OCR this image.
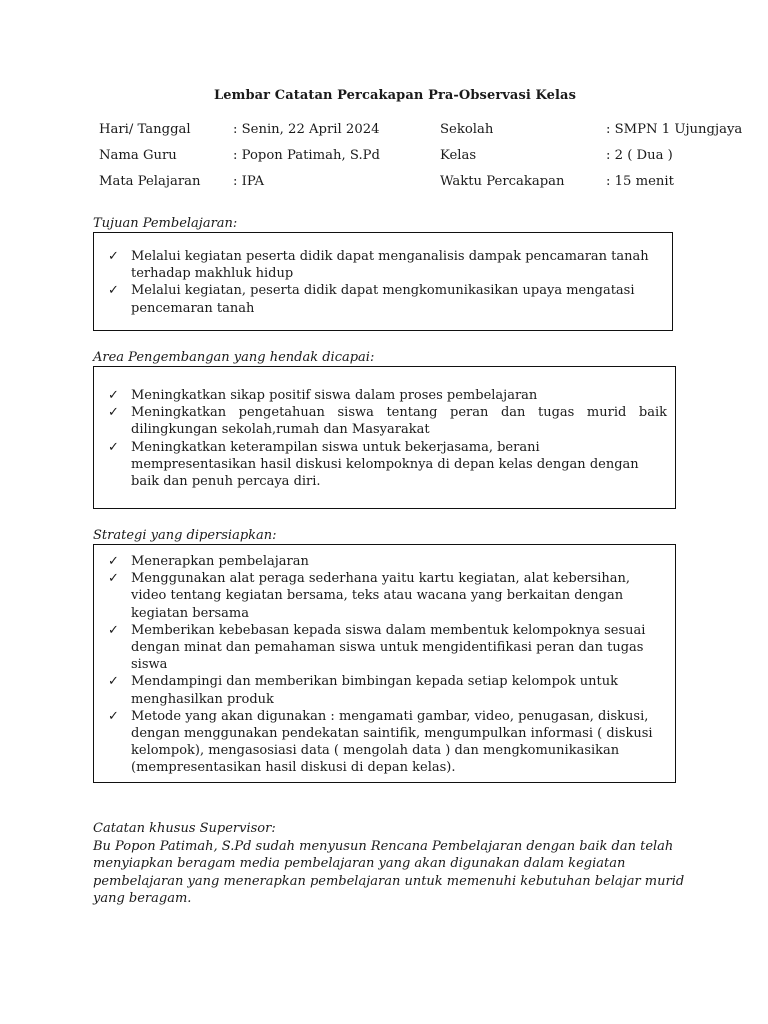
Lembar Catatan Percakapan Pra-Observasi Kelas
Hari/ Tanggal	: Senin, 22 April 2024	Sekolah	: SMPN 1 Ujungjaya
Nama Guru	: Popon Patimah, S.Pd	Kelas	: 2 ( Dua )
Mata Pelajaran : IPA	Waktu Percakapan	: 15 menit
Tujuan Pembelajaran:
✓ Melalui kegiatan peserta didik dapat menganalisis dampak pencamaran tanah terhadap makhluk hidup
✓ Melalui kegiatan, peserta didik dapat mengkomunikasikan upaya mengatasi pencemaran tanah
Area Pengembangan yang hendak dicapai:
✓ Meningkatkan sikap positif siswa dalam proses pembelajaran
✓ Meningkatkan pengetahuan siswa tentang peran dan tugas murid baik dilingkungan sekolah,rumah dan Masyarakat
✓ Meningkatkan keterampilan siswa untuk bekerjasama, berani mempresentasikan hasil diskusi kelompoknya di depan kelas dengan dengan baik dan penuh percaya diri.
Strategi yang dipersiapkan:
✓ Menerapkan pembelajaran
✓ Menggunakan alat peraga sederhana yaitu kartu kegiatan, alat kebersihan, video tentang kegiatan bersama, teks atau wacana yang berkaitan dengan kegiatan bersama
✓ Memberikan kebebasan kepada siswa dalam membentuk kelompoknya sesuai dengan minat dan pemahaman siswa untuk mengidentifikasi peran dan tugas siswa
✓ Mendampingi dan memberikan bimbingan kepada setiap kelompok untuk menghasilkan produk
✓ Metode yang akan digunakan : mengamati gambar, video, penugasan, diskusi, dengan menggunakan pendekatan saintifik, mengumpulkan informasi ( diskusi kelompok), mengasosiasi data ( mengolah data ) dan mengkomunikasikan (mempresentasikan hasil diskusi di depan kelas).

Catatan khusus Supervisor:

Bu Popon Patimah, S.Pd sudah menyusun Rencana Pembelajaran dengan baik dan telah menyiapkan beragam media pembelajaran yang akan digunakan dalam kegiatan pembelajaran yang menerapkan pembelajaran untuk memenuhi kebutuhan belajar murid yang beragam.
